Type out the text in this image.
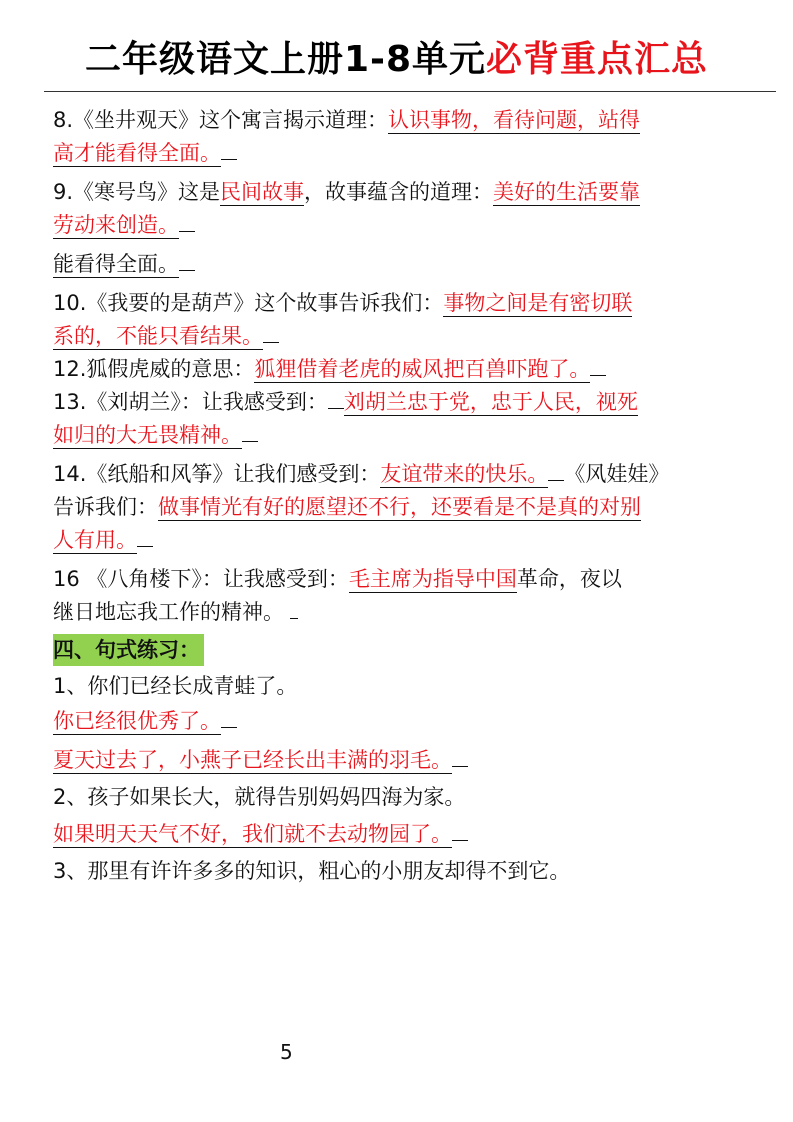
二年级语文上册1-8单元必背重点汇总

8.《坐井观天》这个寓言揭示道理：认识事物，看待问题，站得
高才能看得全面。

9.《寒号鸟》这是民间故事，故事蕴含的道理：美好的生活要靠
劳动来创造。

能看得全面。

10.《我要的是葫芦》这个故事告诉我们：事物之间是有密切联
系的，不能只看结果。

12.狐假虎威的意思：狐狸借着老虎的威风把百兽吓跑了。

13.《刘胡兰》：让我感受到： 刘胡兰忠于党，忠于人民，视死
如归的大无畏精神。

14.《纸船和风筝》让我们感受到：友谊带来的快乐。 《风娃娃》
告诉我们：做事情光有好的愿望还不行，还要看是不是真的对别
人有用。

16 《八角楼下》：让我感受到：毛主席为指导中国革命，夜以
继日地忘我工作的精神。

四、句式练习：

1、你们已经长成青蛙了。

你已经很优秀了。

夏天过去了，小燕子已经长出丰满的羽毛。

2、孩子如果长大，就得告别妈妈四海为家。

如果明天天气不好，我们就不去动物园了。

3、那里有许许多多的知识，粗心的小朋友却得不到它。

5
